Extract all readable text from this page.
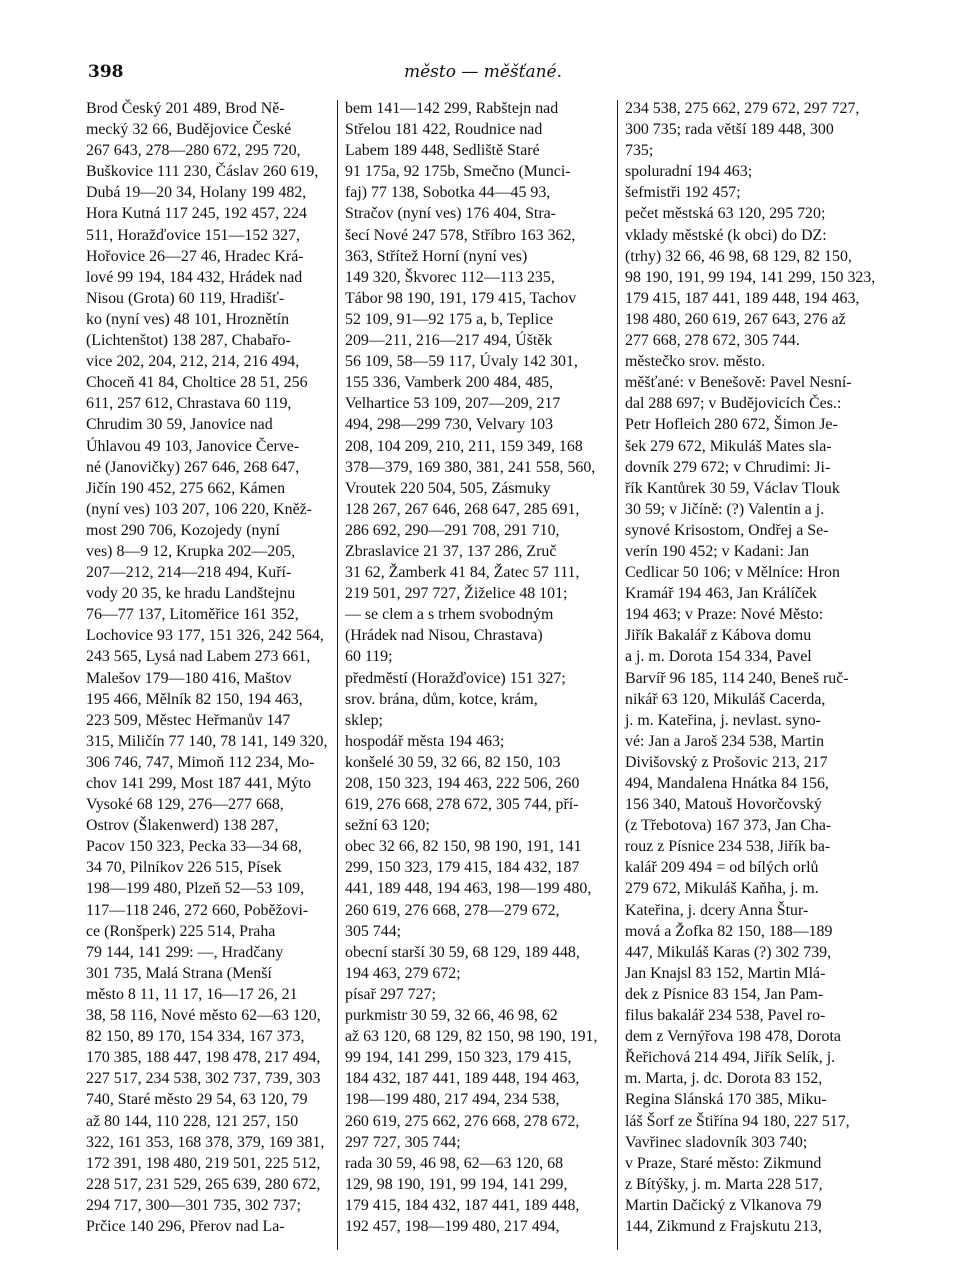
398	město — měšťané.
Brod Český 201 489, Brod Ně-
mecký 32 66, Budějovice České
267 643, 278—280 672, 295 720,
Buškovice 111 230, Čáslav 260 619,
Dubá 19—20 34, Holany 199 482,
Hora Kutná 117 245, 192 457, 224
511, Horažďovice 151—152 327,
Hořovice 26—27 46, Hradec Krá-
lové 99 194, 184 432, Hrádek nad
Nisou (Grota) 60 119, Hradišť-
ko (nyní ves) 48 101, Hroznětín
(Lichtenštot) 138 287, Chabařo-
vice 202, 204, 212, 214, 216 494,
Choceň 41 84, Choltice 28 51, 256
611, 257 612, Chrastava 60 119,
Chrudim 30 59, Janovice nad
Úhlavou 49 103, Janovice Červe-
né (Janovičky) 267 646, 268 647,
Jičín 190 452, 275 662, Kámen
(nyní ves) 103 207, 106 220, Kněž-
most 290 706, Kozojedy (nyní
ves) 8—9 12, Krupka 202—205,
207—212, 214—218 494, Kuří-
vody 20 35, ke hradu Landštejnu
76—77 137, Litoměřice 161 352,
Lochovice 93 177, 151 326, 242 564,
243 565, Lysá nad Labem 273 661,
Malešov 179—180 416, Maštov
195 466, Mělník 82 150, 194 463,
223 509, Městec Heřmanův 147
315, Miličín 77 140, 78 141, 149 320,
306 746, 747, Mimoň 112 234, Mo-
chov 141 299, Most 187 441, Mýto
Vysoké 68 129, 276—277 668,
Ostrov (Šlakenwerd) 138 287,
Pacov 150 323, Pecka 33—34 68,
34 70, Pilníkov 226 515, Písek
198—199 480, Plzeň 52—53 109,
117—118 246, 272 660, Poběžovi-
ce (Ronšperk) 225 514, Praha
79 144, 141 299: —, Hradčany
301 735, Malá Strana (Menší
město 8 11, 11 17, 16—17 26, 21
38, 58 116, Nové město 62—63 120,
82 150, 89 170, 154 334, 167 373,
170 385, 188 447, 198 478, 217 494,
227 517, 234 538, 302 737, 739, 303
740, Staré město 29 54, 63 120, 79
až 80 144, 110 228, 121 257, 150
322, 161 353, 168 378, 379, 169 381,
172 391, 198 480, 219 501, 225 512,
228 517, 231 529, 265 639, 280 672,
294 717, 300—301 735, 302 737;
Prčice 140 296, Přerov nad La-
bem 141—142 299, Rabštejn nad
Střelou 181 422, Roudnice nad
Labem 189 448, Sedliště Staré
91 175a, 92 175b, Smečno (Munci-
faj) 77 138, Sobotka 44—45 93,
Stračov (nyní ves) 176 404, Stra-
šecí Nové 247 578, Stříbro 163 362,
363, Střítež Horní (nyní ves)
149 320, Škvorec 112—113 235,
Tábor 98 190, 191, 179 415, Tachov
52 109, 91—92 175 a, b, Teplice
209—211, 216—217 494, Úštěk
56 109, 58—59 117, Úvaly 142 301,
155 336, Vamberk 200 484, 485,
Velhartice 53 109, 207—209, 217
494, 298—299 730, Velvary 103
208, 104 209, 210, 211, 159 349, 168
378—379, 169 380, 381, 241 558, 560,
Vroutek 220 504, 505, Zásmuky
128 267, 267 646, 268 647, 285 691,
286 692, 290—291 708, 291 710,
Zbraslavice 21 37, 137 286, Zruč
31 62, Žamberk 41 84, Žatec 57 111,
219 501, 297 727, Žiželice 48 101;
— se clem a s trhem svobodným
(Hrádek nad Nisou, Chrastava)
60 119;
předměstí (Horažďovice) 151 327;
srov. brána, dům, kotce, krám,
sklep;
hospodář města 194 463;
konšelé 30 59, 32 66, 82 150, 103
208, 150 323, 194 463, 222 506, 260
619, 276 668, 278 672, 305 744, pří-
sežní 63 120;
obec 32 66, 82 150, 98 190, 191, 141
299, 150 323, 179 415, 184 432, 187
441, 189 448, 194 463, 198—199 480,
260 619, 276 668, 278—279 672,
305 744;
obecní starší 30 59, 68 129, 189 448,
194 463, 279 672;
písař 297 727;
purkmistr 30 59, 32 66, 46 98, 62
až 63 120, 68 129, 82 150, 98 190, 191,
99 194, 141 299, 150 323, 179 415,
184 432, 187 441, 189 448, 194 463,
198—199 480, 217 494, 234 538,
260 619, 275 662, 276 668, 278 672,
297 727, 305 744;
rada 30 59, 46 98, 62—63 120, 68
129, 98 190, 191, 99 194, 141 299,
179 415, 184 432, 187 441, 189 448,
192 457, 198—199 480, 217 494,
234 538, 275 662, 279 672, 297 727,
300 735; rada větší 189 448, 300
735;
spoluradní 194 463;
šefmistři 192 457;
pečet městská 63 120, 295 720;
vklady městské (k obci) do DZ:
(trhy) 32 66, 46 98, 68 129, 82 150,
98 190, 191, 99 194, 141 299, 150 323,
179 415, 187 441, 189 448, 194 463,
198 480, 260 619, 267 643, 276 až
277 668, 278 672, 305 744.
městečko srov. město.
měšťané: v Benešově: Pavel Nesní-
dal 288 697; v Budějovicích Čes.:
Petr Hofleich 280 672, Šimon Je-
šek 279 672, Mikuláš Mates sla-
dovník 279 672; v Chrudimi: Ji-
řík Kantůrek 30 59, Václav Tlouk
30 59; v Jičíně: (?) Valentin a j.
synové Krisostom, Ondřej a Se-
verín 190 452; v Kadani: Jan
Cedlicar 50 106; v Mělníce: Hron
Kramář 194 463, Jan Králíček
194 463; v Praze: Nové Město:
Jiřík Bakalář z Kábova domu
a j. m. Dorota 154 334, Pavel
Barvíř 96 185, 114 240, Beneš ruč-
nikář 63 120, Mikuláš Cacerda,
j. m. Kateřina, j. nevlast. syno-
vé: Jan a Jaroš 234 538, Martin
Divišovský z Prošovic 213, 217
494, Mandalena Hnátka 84 156,
156 340, Matouš Hovorčovský
(z Třebotova) 167 373, Jan Cha-
rouz z Písnice 234 538, Jiřík ba-
kalář 209 494 = od bílých orlů
279 672, Mikuláš Kaňha, j. m.
Kateřina, j. dcery Anna Štur-
mová a Žofka 82 150, 188—189
447, Mikuláš Karas (?) 302 739,
Jan Knajsl 83 152, Martin Mlá-
dek z Písnice 83 154, Jan Pam-
filus bakalář 234 538, Pavel ro-
dem z Vernýřova 198 478, Dorota
Řeřichová 214 494, Jiřík Selík, j.
m. Marta, j. dc. Dorota 83 152,
Regina Slánská 170 385, Miku-
láš Šorf ze Štiřína 94 180, 227 517,
Vavřinec sladovník 303 740;
v Praze, Staré město: Zikmund
z Bítýšky, j. m. Marta 228 517,
Martin Dačický z Vlkanova 79
144, Zikmund z Frajskutu 213,
